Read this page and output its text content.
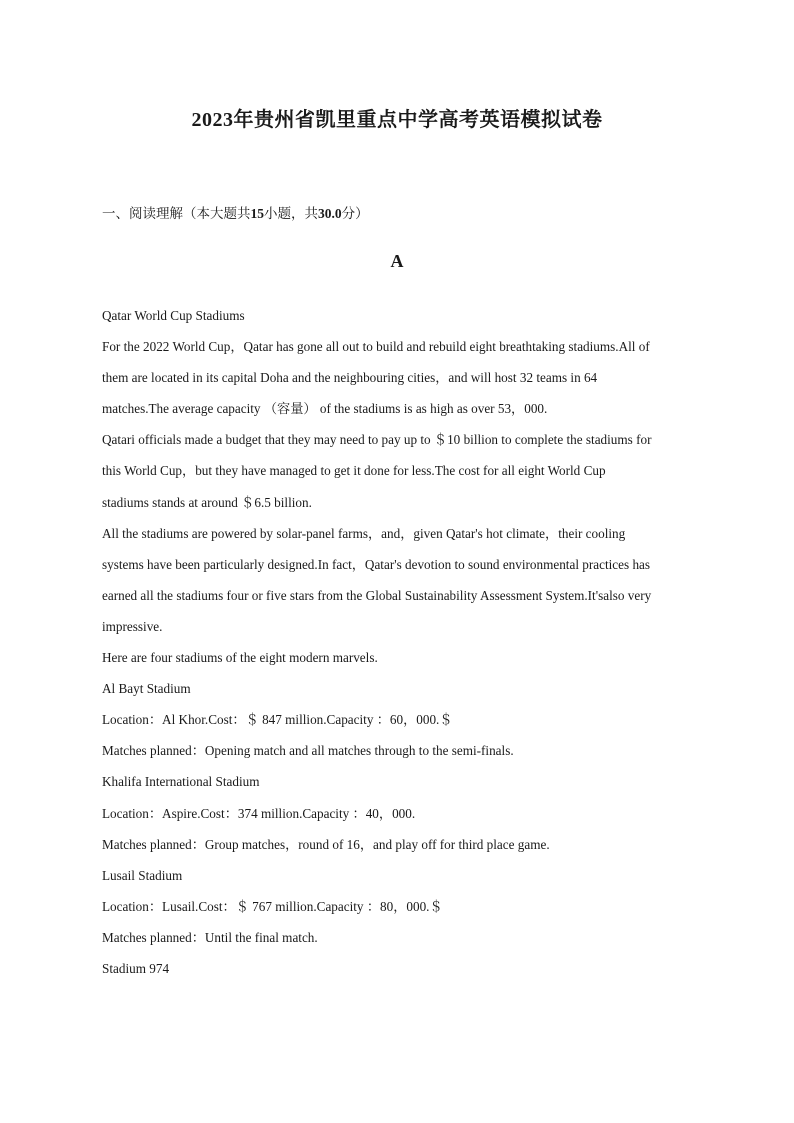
2023年贵州省凯里重点中学高考英语模拟试卷
一、阅读理解（本大题共15小题，共30.0分）
A
Qatar World Cup Stadiums
For the 2022 World Cup，Qatar has gone all out to build and rebuild eight breathtaking stadiums.All of
them are located in its capital Doha and the neighbouring cities，and will host 32 teams in 64
matches.The average capacity （容量） of the stadiums is as high as over 53，000.
Qatari officials made a budget that they may need to pay up to ＄10 billion to complete the stadiums for
this World Cup，but they have managed to get it done for less.The cost for all eight World Cup
stadiums stands at around ＄6.5 billion.
All the stadiums are powered by solar-panel farms，and，given Qatar's hot climate，their cooling
systems have been particularly designed.In fact，Qatar's devotion to sound environmental practices has
earned all the stadiums four or five stars from the Global Sustainability Assessment System.It'salso very
impressive.
Here are four stadiums of the eight modern marvels.
Al Bayt Stadium
Location：Al Khor.Cost：＄ 847 million.Capacity ：60，000.＄
Matches planned：Opening match and all matches through to the semi-finals.
Khalifa International Stadium
Location：Aspire.Cost：374 million.Capacity ：40，000.
Matches planned：Group matches，round of 16，and play off for third place game.
Lusail Stadium
Location：Lusail.Cost：＄ 767 million.Capacity ：80，000.＄
Matches planned：Until the final match.
Stadium 974
